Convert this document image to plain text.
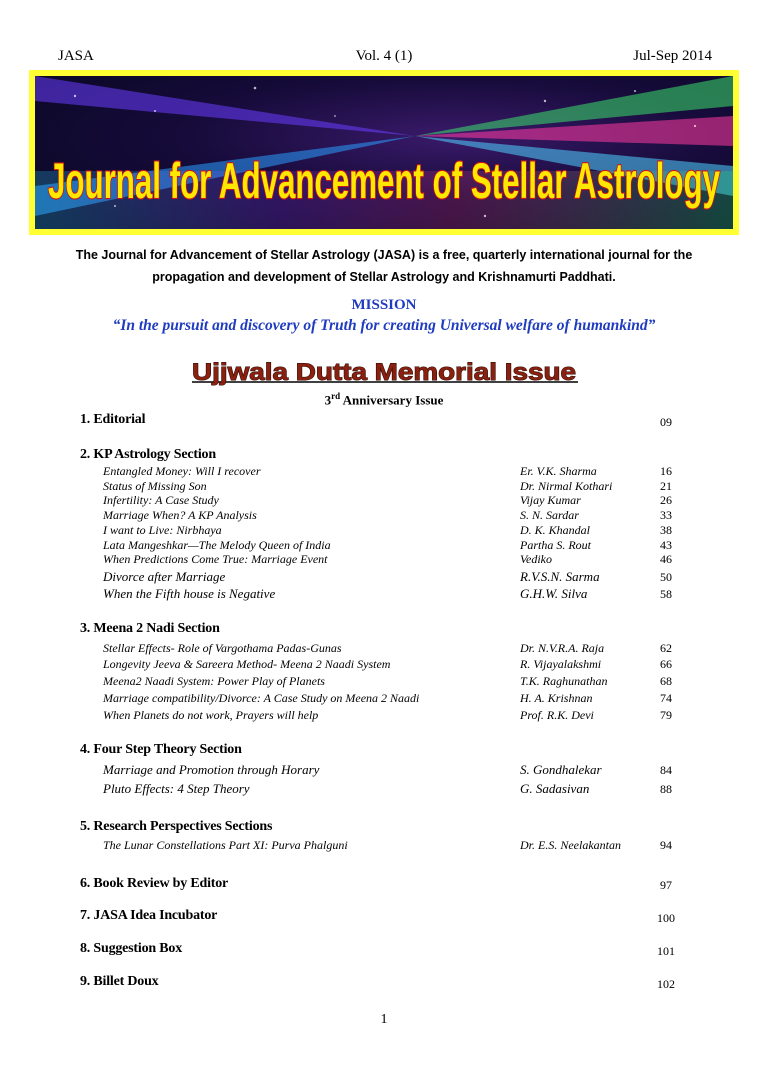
JASA	Vol. 4 (1)	Jul-Sep 2014
Journal for Advancement of Stellar Astrology
The Journal for Advancement of Stellar Astrology (JASA) is a free, quarterly international journal for the propagation and development of Stellar Astrology and Krishnamurti Paddhati.
MISSION
“In the pursuit and discovery of Truth for creating Universal welfare of humankind”
Ujjwala Dutta Memorial Issue
3rd Anniversary Issue
1. Editorial	09
2. KP Astrology Section
Entangled Money: Will I recover	Er. V.K. Sharma	16
Status of Missing Son	Dr. Nirmal Kothari	21
Infertility: A Case Study	Vijay Kumar	26
Marriage When? A KP Analysis	S. N. Sardar	33
I want to Live: Nirbhaya	D. K. Khandal	38
Lata Mangeshkar—The Melody Queen of India	Partha S. Rout	43
When Predictions Come True: Marriage Event	Vediko	46
Divorce after Marriage	R.V.S.N. Sarma	50
When the Fifth house is Negative	G.H.W. Silva	58
3. Meena 2 Nadi Section
Stellar Effects- Role of Vargothama Padas-Gunas	Dr. N.V.R.A. Raja	62
Longevity Jeeva & Sareera Method- Meena 2 Naadi System	R. Vijayalakshmi	66
Meena2 Naadi System: Power Play of Planets	T.K. Raghunathan	68
Marriage compatibility/Divorce: A Case Study on Meena 2 Naadi	H. A. Krishnan	74
When Planets do not work, Prayers will help	Prof. R.K. Devi	79
4. Four Step Theory Section
Marriage and Promotion through Horary	S. Gondhalekar	84
Pluto Effects: 4 Step Theory	G. Sadasivan	88
5. Research Perspectives Sections
The Lunar Constellations Part XI: Purva Phalguni	Dr. E.S. Neelakantan	94
6. Book Review by Editor	97
7. JASA Idea Incubator	100
8. Suggestion Box	101
9. Billet Doux	102
1
